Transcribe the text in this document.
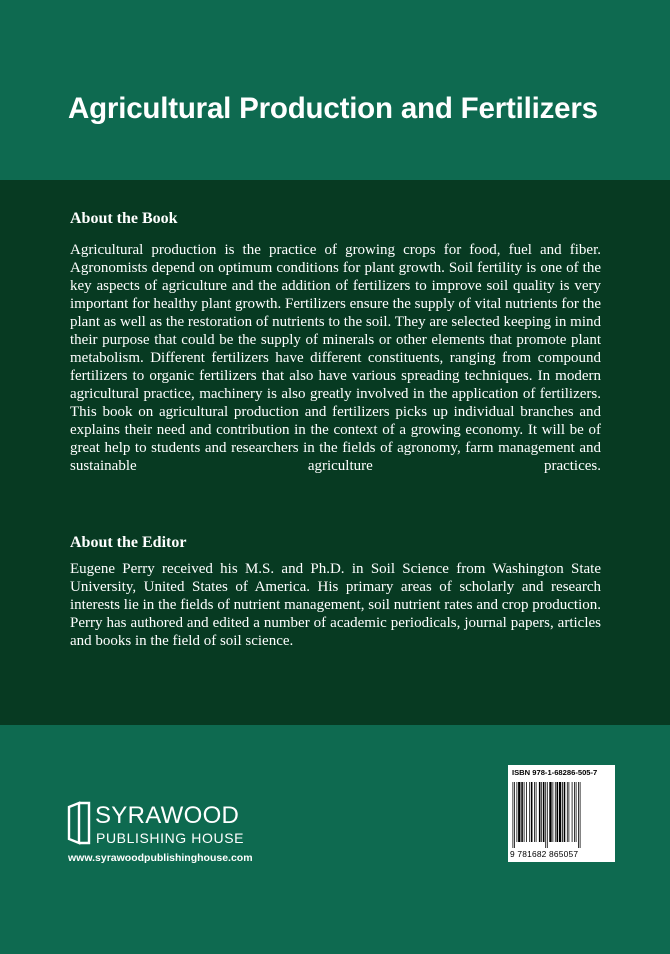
Agricultural Production and Fertilizers
About the Book

Agricultural production is the practice of growing crops for food, fuel and fiber. Agronomists depend on optimum conditions for plant growth. Soil fertility is one of the key aspects of agriculture and the addition of fertilizers to improve soil quality is very important for healthy plant growth. Fertilizers ensure the supply of vital nutrients for the plant as well as the restoration of nutrients to the soil. They are selected keeping in mind their purpose that could be the supply of minerals or other elements that promote plant metabolism. Different fertilizers have different constituents, ranging from compound fertilizers to organic fertilizers that also have various spreading techniques. In modern agricultural practice, machinery is also greatly involved in the application of fertilizers. This book on agricultural production and fertilizers picks up individual branches and explains their need and contribution in the context of a growing economy. It will be of great help to students and researchers in the fields of agronomy, farm management and sustainable agriculture practices.

About the Editor

Eugene Perry received his M.S. and Ph.D. in Soil Science from Washington State University, United States of America. His primary areas of scholarly and research interests lie in the fields of nutrient management, soil nutrient rates and crop production. Perry has authored and edited a number of academic periodicals, journal papers, articles and books in the field of soil science.

SYRAWOOD
PUBLISHING HOUSE
www.syrawoodpublishinghouse.com
ISBN 978-1-68286-505-7
9 781682 865057
